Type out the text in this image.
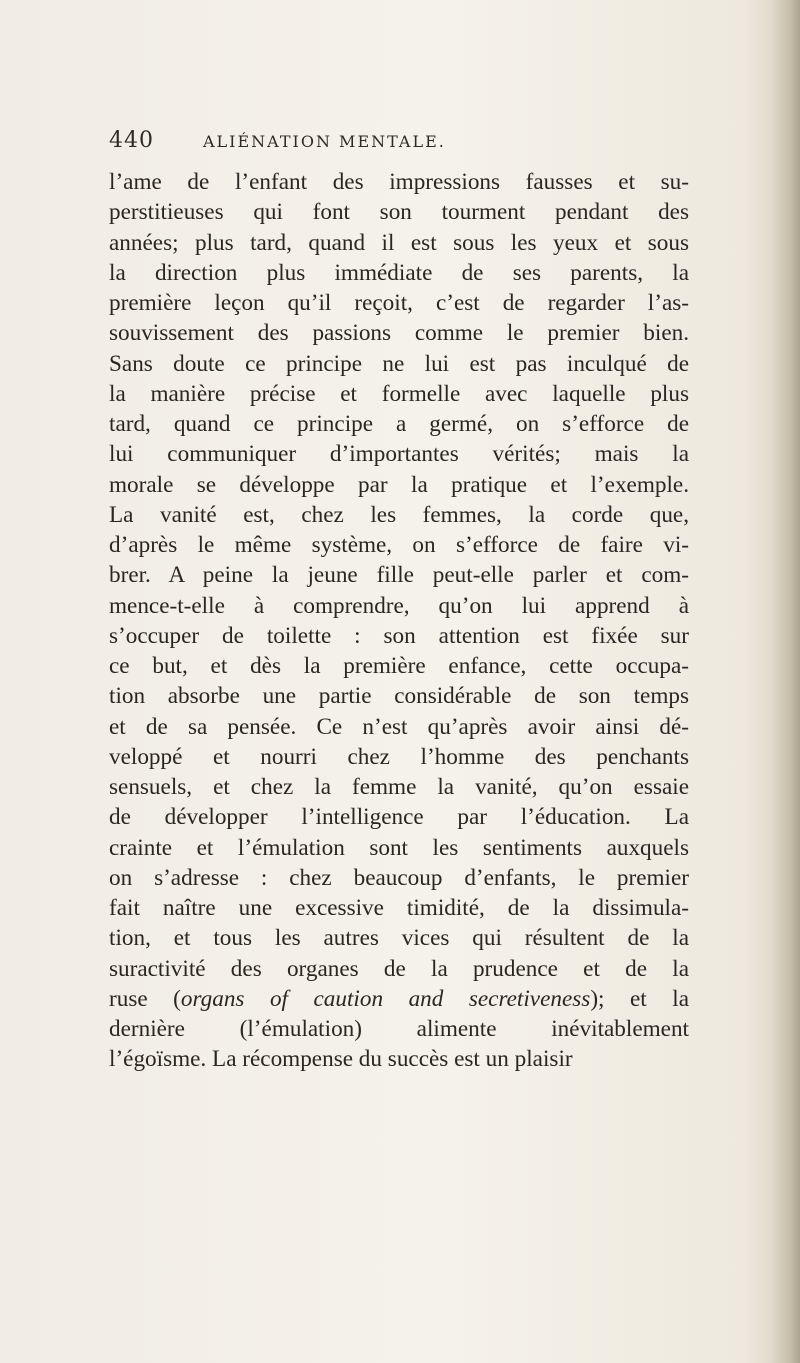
440	ALIÉNATION MENTALE.
l’ame de l’enfant des impressions fausses et su-
perstitieuses qui font son tourment pendant des
années; plus tard, quand il est sous les yeux et sous
la direction plus immédiate de ses parents, la
première leçon qu’il reçoit, c’est de regarder l’as-
souvissement des passions comme le premier bien.
Sans doute ce principe ne lui est pas inculqué de
la manière précise et formelle avec laquelle plus
tard, quand ce principe a germé, on s’efforce de
lui communiquer d’importantes vérités; mais la
morale se développe par la pratique et l’exemple.
La vanité est, chez les femmes, la corde que,
d’après le même système, on s’efforce de faire vi-
brer. A peine la jeune fille peut-elle parler et com-
mence-t-elle à comprendre, qu’on lui apprend à
s’occuper de toilette : son attention est fixée sur
ce but, et dès la première enfance, cette occupa-
tion absorbe une partie considérable de son temps
et de sa pensée. Ce n’est qu’après avoir ainsi dé-
veloppé et nourri chez l’homme des penchants
sensuels, et chez la femme la vanité, qu’on essaie
de développer l’intelligence par l’éducation. La
crainte et l’émulation sont les sentiments auxquels
on s’adresse : chez beaucoup d’enfants, le premier
fait naître une excessive timidité, de la dissimula-
tion, et tous les autres vices qui résultent de la
suractivité des organes de la prudence et de la
ruse (organs of caution and secretiveness); et la
dernière (l’émulation) alimente inévitablement
l’égoïsme. La récompense du succès est un plaisir
